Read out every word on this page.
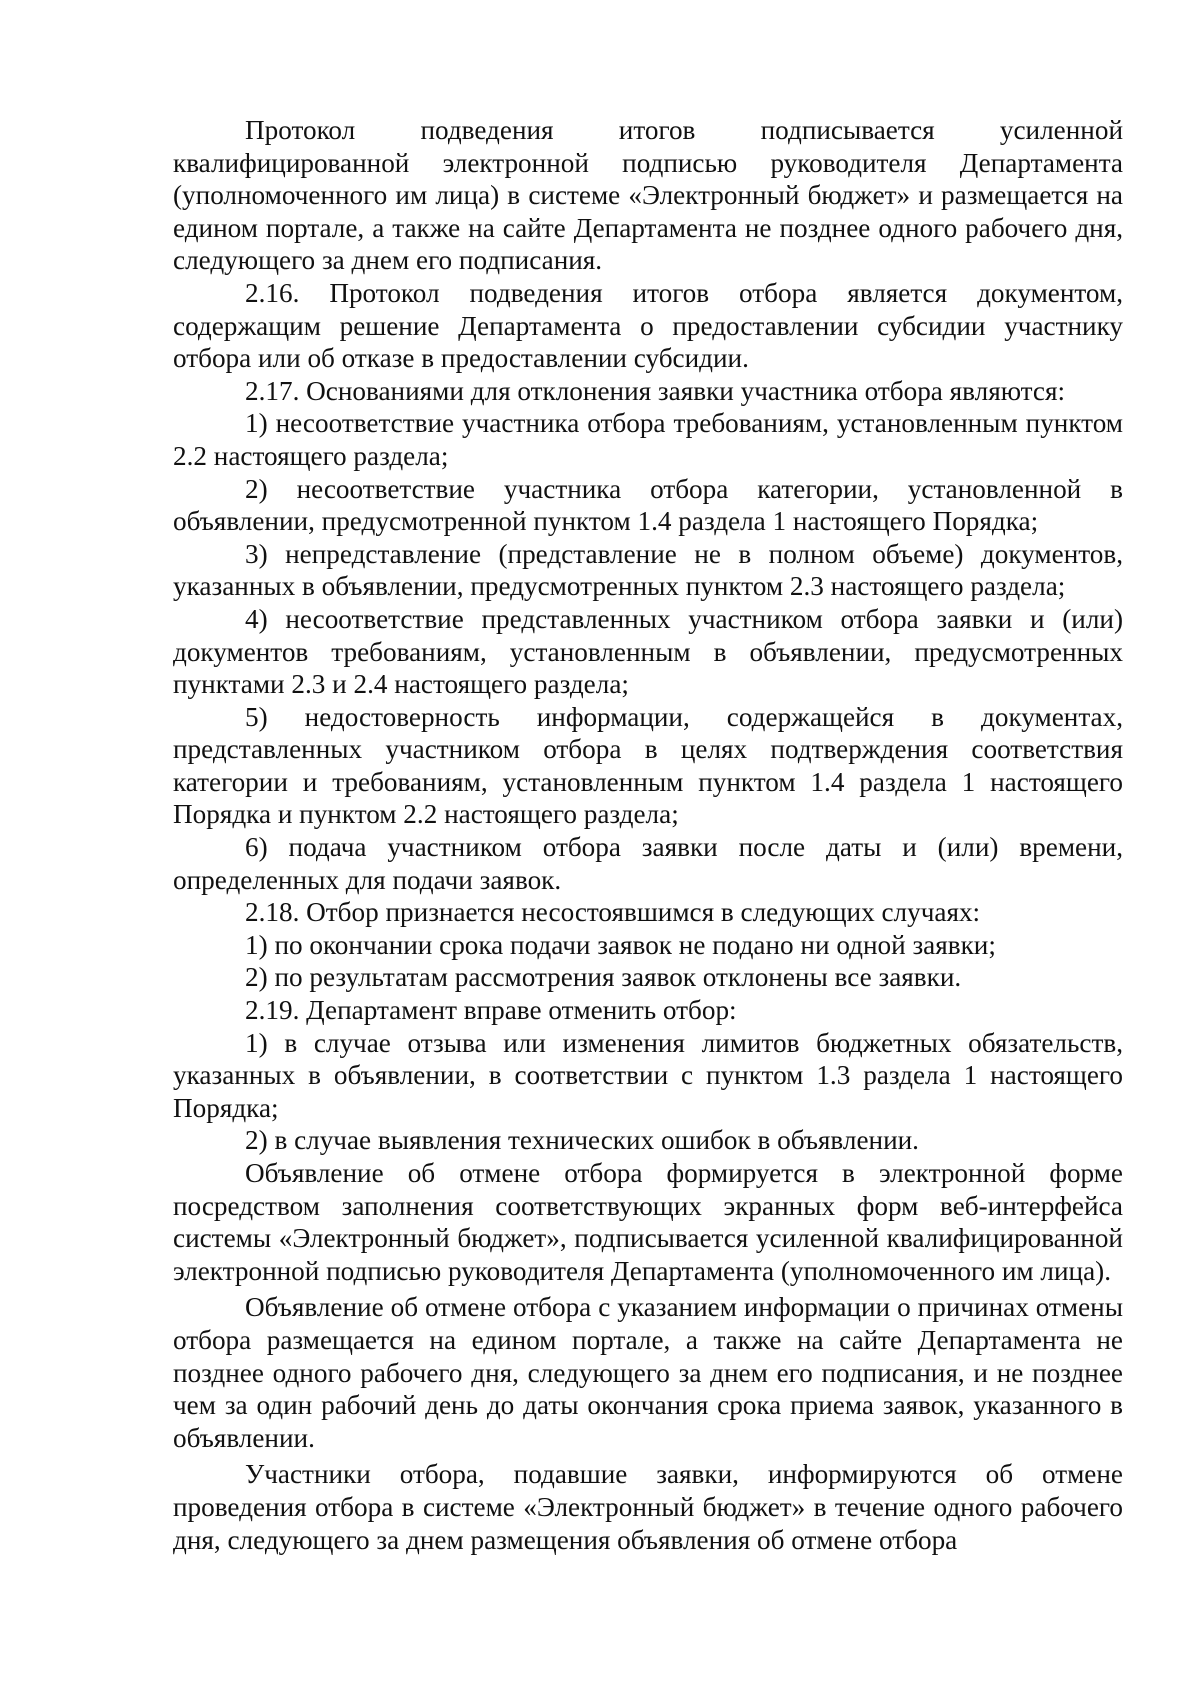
Протокол подведения итогов подписывается усиленной квалифицированной электронной подписью руководителя Департамента (уполномоченного им лица) в системе «Электронный бюджет» и размещается на едином портале, а также на сайте Департамента не позднее одного рабочего дня, следующего за днем его подписания.

2.16. Протокол подведения итогов отбора является документом, содержащим решение Департамента о предоставлении субсидии участнику отбора или об отказе в предоставлении субсидии.

2.17. Основаниями для отклонения заявки участника отбора являются:

1) несоответствие участника отбора требованиям, установленным пунктом 2.2 настоящего раздела;

2) несоответствие участника отбора категории, установленной в объявлении, предусмотренной пунктом 1.4 раздела 1 настоящего Порядка;

3) непредставление (представление не в полном объеме) документов, указанных в объявлении, предусмотренных пунктом 2.3 настоящего раздела;

4) несоответствие представленных участником отбора заявки и (или) документов требованиям, установленным в объявлении, предусмотренных пунктами 2.3 и 2.4 настоящего раздела;

5) недостоверность информации, содержащейся в документах, представленных участником отбора в целях подтверждения соответствия категории и требованиям, установленным пунктом 1.4 раздела 1 настоящего Порядка и пунктом 2.2 настоящего раздела;

6) подача участником отбора заявки после даты и (или) времени, определенных для подачи заявок.

2.18. Отбор признается несостоявшимся в следующих случаях:

1) по окончании срока подачи заявок не подано ни одной заявки;

2) по результатам рассмотрения заявок отклонены все заявки.

2.19. Департамент вправе отменить отбор:

1) в случае отзыва или изменения лимитов бюджетных обязательств, указанных в объявлении, в соответствии с пунктом 1.3 раздела 1 настоящего Порядка;

2) в случае выявления технических ошибок в объявлении.

Объявление об отмене отбора формируется в электронной форме посредством заполнения соответствующих экранных форм веб-интерфейса системы «Электронный бюджет», подписывается усиленной квалифицированной электронной подписью руководителя Департамента (уполномоченного им лица).

Объявление об отмене отбора с указанием информации о причинах отмены отбора размещается на едином портале, а также на сайте Департамента не позднее одного рабочего дня, следующего за днем его подписания, и не позднее чем за один рабочий день до даты окончания срока приема заявок, указанного в объявлении.

Участники отбора, подавшие заявки, информируются об отмене проведения отбора в системе «Электронный бюджет» в течение одного рабочего дня, следующего за днем размещения объявления об отмене отбора
